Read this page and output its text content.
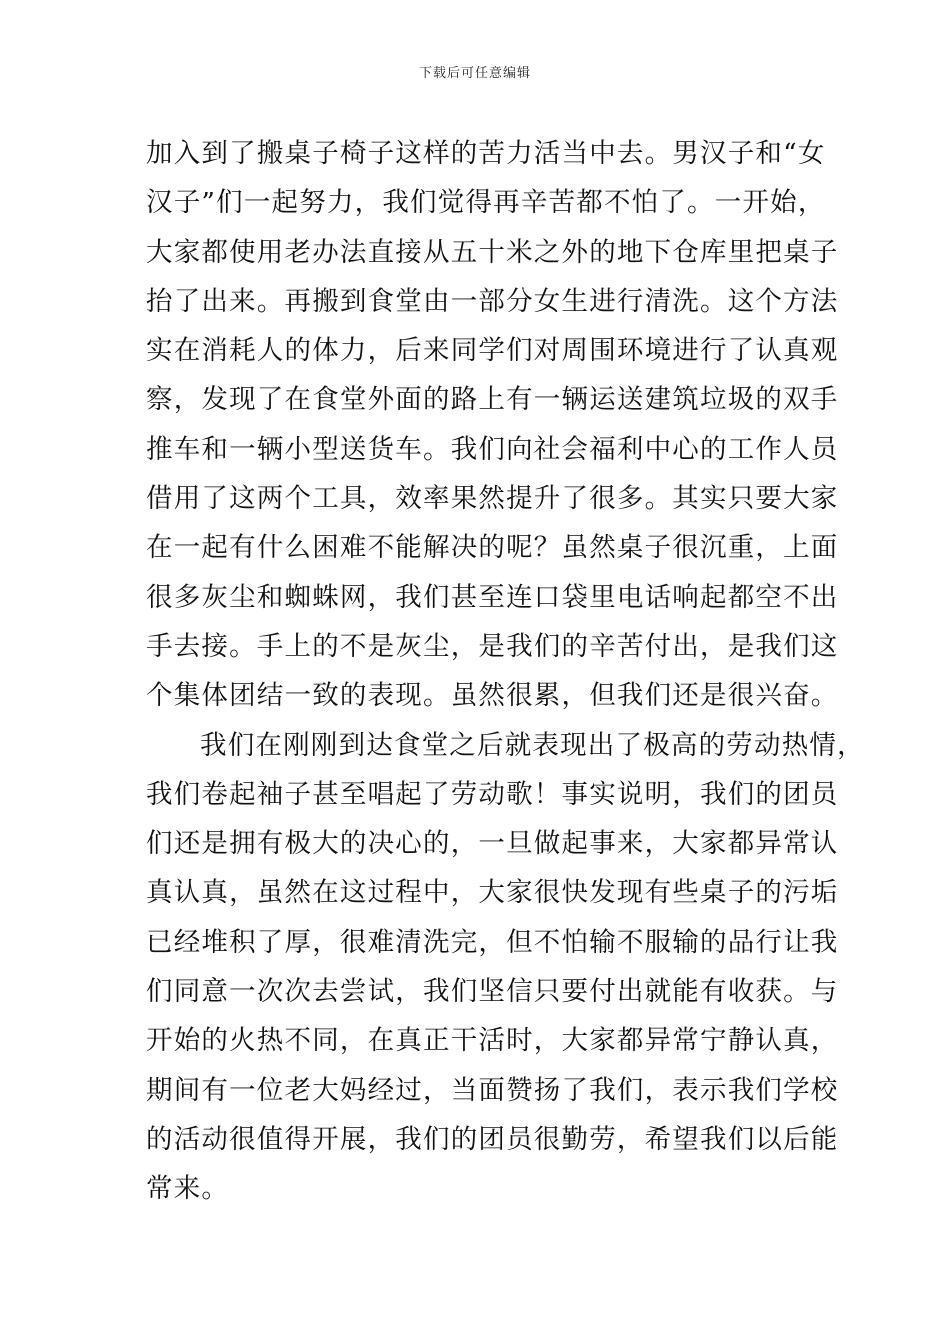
下载后可任意编辑
加入到了搬桌子椅子这样的苦力活当中去。男汉子和“女
汉子”们一起努力，我们觉得再辛苦都不怕了。一开始，
大家都使用老办法直接从五十米之外的地下仓库里把桌子
抬了出来。再搬到食堂由一部分女生进行清洗。这个方法
实在消耗人的体力，后来同学们对周围环境进行了认真观
察，发现了在食堂外面的路上有一辆运送建筑垃圾的双手
推车和一辆小型送货车。我们向社会福利中心的工作人员
借用了这两个工具，效率果然提升了很多。其实只要大家
在一起有什么困难不能解决的呢？虽然桌子很沉重，上面
很多灰尘和蜘蛛网，我们甚至连口袋里电话响起都空不出
手去接。手上的不是灰尘，是我们的辛苦付出，是我们这
个集体团结一致的表现。虽然很累，但我们还是很兴奋。
我们在刚刚到达食堂之后就表现出了极高的劳动热情，
我们卷起袖子甚至唱起了劳动歌！事实说明，我们的团员
们还是拥有极大的决心的，一旦做起事来，大家都异常认
真认真，虽然在这过程中，大家很快发现有些桌子的污垢
已经堆积了厚，很难清洗完，但不怕输不服输的品行让我
们同意一次次去尝试，我们坚信只要付出就能有收获。与
开始的火热不同，在真正干活时，大家都异常宁静认真，
期间有一位老大妈经过，当面赞扬了我们，表示我们学校
的活动很值得开展，我们的团员很勤劳，希望我们以后能
常来。
